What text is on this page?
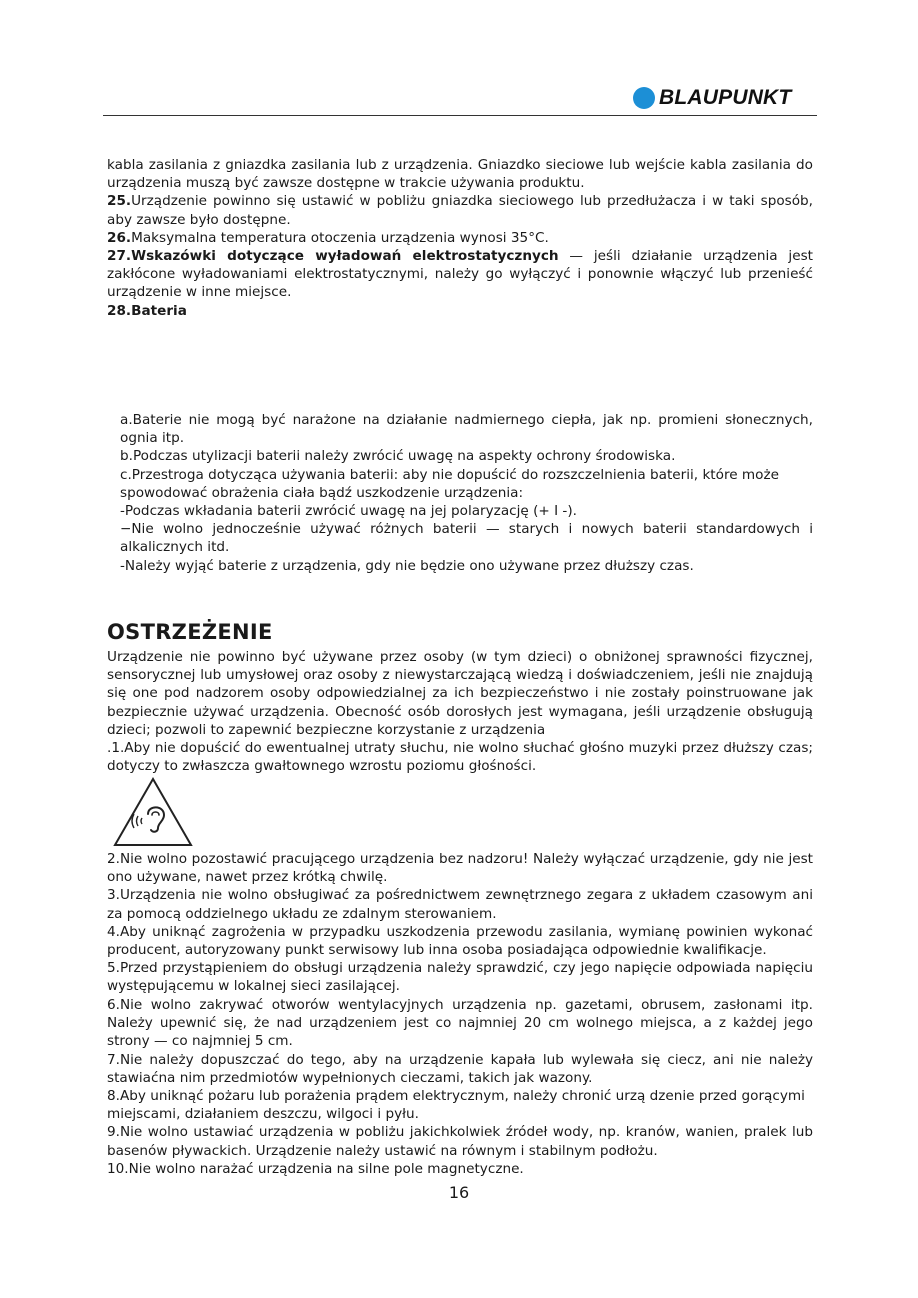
BLAUPUNKT

kabla zasilania z gniazdka zasilania lub z urządzenia. Gniazdko sieciowe lub wejście kabla zasilania do urządzenia muszą być zawsze dostępne w trakcie używania produktu.

25.Urządzenie powinno się ustawić w pobliżu gniazdka sieciowego lub przedłużacza i w taki sposób, aby zawsze było dostępne.

26.Maksymalna temperatura otoczenia urządzenia wynosi 35°C.

27.Wskazówki dotyczące wyładowań elektrostatycznych — jeśli działanie urządzenia jest zakłócone wyładowaniami elektrostatycznymi, należy go wyłączyć i ponownie włączyć lub przenieść urządzenie w inne miejsce.

28.Bateria

a.Baterie nie mogą być narażone na działanie nadmiernego ciepła, jak np. promieni słonecznych, ognia itp.

b.Podczas utylizacji baterii należy zwrócić uwagę na aspekty ochrony środowiska.

c.Przestroga dotycząca używania baterii: aby nie dopuścić do rozszczelnienia baterii, które może

spowodować obrażenia ciała bądź uszkodzenie urządzenia:

-Podczas wkładania baterii zwrócić uwagę na jej polaryzację (+ I -).

−Nie wolno jednocześnie używać różnych baterii — starych i nowych baterii standardowych i alkalicznych itd.

-Należy wyjąć baterie z urządzenia, gdy nie będzie ono używane przez dłuższy czas.

OSTRZEŻENIE

Urządzenie nie powinno być używane przez osoby (w tym dzieci) o obniżonej sprawności fizycznej, sensorycznej lub umysłowej oraz osoby z niewystarczającą wiedzą i doświadczeniem, jeśli nie znajdują się one pod nadzorem osoby odpowiedzialnej za ich bezpieczeństwo i nie zostały poinstruowane jak bezpiecznie używać urządzenia. Obecność osób dorosłych jest wymagana, jeśli urządzenie obsługują dzieci; pozwoli to zapewnić bezpieczne korzystanie z urządzenia

.1.Aby nie dopuścić do ewentualnej utraty słuchu, nie wolno słuchać głośno muzyki przez dłuższy czas; dotyczy to zwłaszcza gwałtownego wzrostu poziomu głośności.

2.Nie wolno pozostawić pracującego urządzenia bez nadzoru! Należy wyłączać urządzenie, gdy nie jest ono używane, nawet przez krótką chwilę.

3.Urządzenia nie wolno obsługiwać za pośrednictwem zewnętrznego zegara z układem czasowym ani za pomocą oddzielnego układu ze zdalnym sterowaniem.

4.Aby uniknąć zagrożenia w przypadku uszkodzenia przewodu zasilania, wymianę powinien wykonać producent, autoryzowany punkt serwisowy lub inna osoba posiadająca odpowiednie kwalifikacje.

5.Przed przystąpieniem do obsługi urządzenia należy sprawdzić, czy jego napięcie odpowiada napięciu występującemu w lokalnej sieci zasilającej.

6.Nie wolno zakrywać otworów wentylacyjnych urządzenia np. gazetami, obrusem, zasłonami itp. Należy upewnić się, że nad urządzeniem jest co najmniej 20 cm wolnego miejsca, a z każdej jego strony — co najmniej 5 cm.

7.Nie należy dopuszczać do tego, aby na urządzenie kapała lub wylewała się ciecz, ani nie należy stawiaćna nim przedmiotów wypełnionych cieczami, takich jak wazony.

8.Aby uniknąć pożaru lub porażenia prądem elektrycznym, należy chronić urzą dzenie przed gorącymi

miejscami, działaniem deszczu, wilgoci i pyłu.

9.Nie wolno ustawiać urządzenia w pobliżu jakichkolwiek źródeł wody, np. kranów, wanien, pralek lub basenów pływackich. Urządzenie należy ustawić na równym i stabilnym podłożu.

10.Nie wolno narażać urządzenia na silne pole magnetyczne.

16
